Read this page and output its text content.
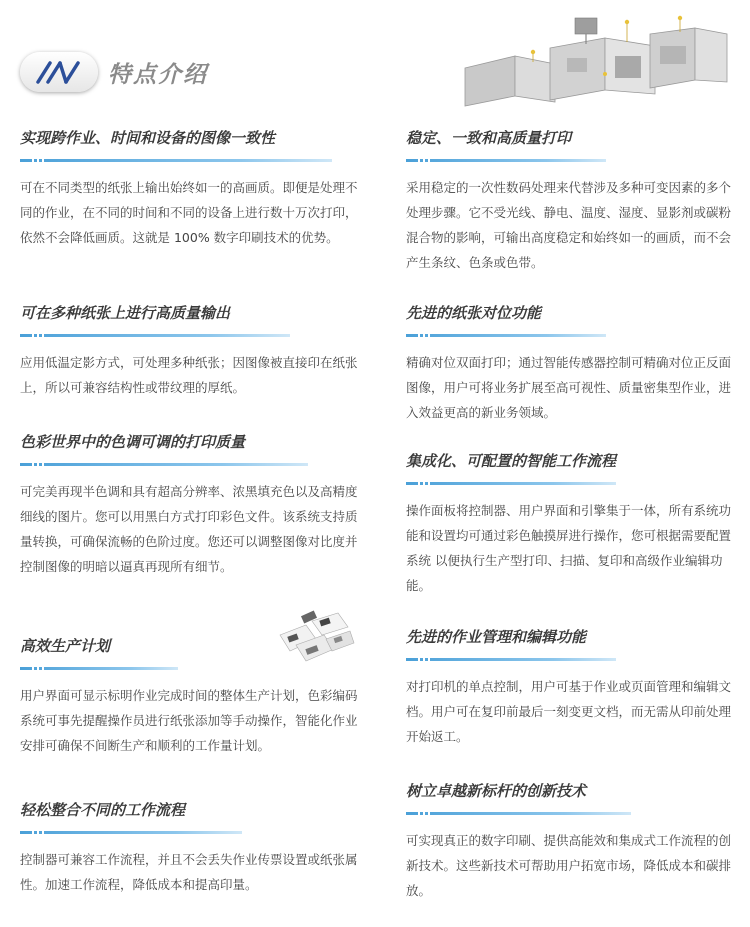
特点介绍
实现跨作业、时间和设备的图像一致性

可在不同类型的纸张上输出始终如一的高画质。即便是处理不同的作业，在不同的时间和不同的设备上进行数十万次打印，依然不会降低画质。这就是 100% 数字印刷技术的优势。

可在多种纸张上进行高质量输出

应用低温定影方式，可处理多种纸张；因图像被直接印在纸张上，所以可兼容结构性或带纹理的厚纸。

色彩世界中的色调可调的打印质量

可完美再现半色调和具有超高分辨率、浓黑填充色以及高精度细线的图片。您可以用黑白方式打印彩色文件。该系统支持质量转换，可确保流畅的色阶过度。您还可以调整图像对比度并控制图像的明暗以逼真再现所有细节。

高效生产计划

用户界面可显示标明作业完成时间的整体生产计划，色彩编码系统可事先提醒操作员进行纸张添加等手动操作，智能化作业安排可确保不间断生产和顺利的工作量计划。

轻松整合不同的工作流程

控制器可兼容工作流程，并且不会丢失作业传票设置或纸张属性。加速工作流程，降低成本和提高印量。

稳定、一致和高质量打印

采用稳定的一次性数码处理来代替涉及多种可变因素的多个处理步骤。它不受光线、静电、温度、湿度、显影剂或碳粉混合物的影响，可输出高度稳定和始终如一的画质，而不会产生条纹、色条或色带。

先进的纸张对位功能

精确对位双面打印；通过智能传感器控制可精确对位正反面图像，用户可将业务扩展至高可视性、质量密集型作业，进入效益更高的新业务领域。

集成化、可配置的智能工作流程

操作面板将控制器、用户界面和引擎集于一体，所有系统功能和设置均可通过彩色触摸屏进行操作，您可根据需要配置系统 以便执行生产型打印、扫描、复印和高级作业编辑功能。

先进的作业管理和编辑功能

对打印机的单点控制，用户可基于作业或页面管理和编辑文档。用户可在复印前最后一刻变更文档，而无需从印前处理开始返工。

树立卓越新标杆的创新技术

可实现真正的数字印刷、提供高能效和集成式工作流程的创新技术。这些新技术可帮助用户拓宽市场，降低成本和碳排放。
